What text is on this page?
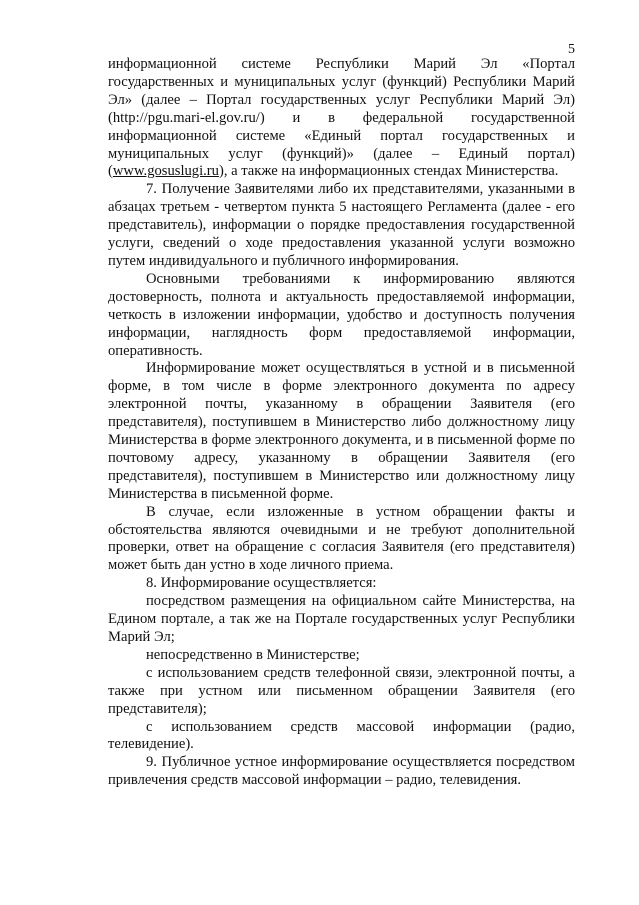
5

информационной системе Республики Марий Эл «Портал государственных и муниципальных услуг (функций) Республики Марий Эл» (далее – Портал государственных услуг Республики Марий Эл) (http://pgu.mari-el.gov.ru/) и в федеральной государственной информационной системе «Единый портал государственных и муниципальных услуг (функций)» (далее – Единый портал) (www.gosuslugi.ru), а также на информационных стендах Министерства.

7. Получение Заявителями либо их представителями, указанными в абзацах третьем - четвертом пункта 5 настоящего Регламента (далее - его представитель), информации о порядке предоставления государственной услуги, сведений о ходе предоставления указанной услуги возможно путем индивидуального и публичного информирования.

Основными требованиями к информированию являются достоверность, полнота и актуальность предоставляемой информации, четкость в изложении информации, удобство и доступность получения информации, наглядность форм предоставляемой информации, оперативность.

Информирование может осуществляться в устной и в письменной форме, в том числе в форме электронного документа по адресу электронной почты, указанному в обращении Заявителя (его представителя), поступившем в Министерство либо должностному лицу Министерства в форме электронного документа, и в письменной форме по почтовому адресу, указанному в обращении Заявителя (его представителя), поступившем в Министерство или должностному лицу Министерства в письменной форме.

В случае, если изложенные в устном обращении факты и обстоятельства являются очевидными и не требуют дополнительной проверки, ответ на обращение с согласия Заявителя (его представителя) может быть дан устно в ходе личного приема.

8. Информирование осуществляется:

посредством размещения на официальном сайте Министерства, на Едином портале, а так же на Портале государственных услуг Республики Марий Эл;

непосредственно в Министерстве;

с использованием средств телефонной связи, электронной почты, а также при устном или письменном обращении Заявителя (его представителя);

с использованием средств массовой информации (радио, телевидение).

9. Публичное устное информирование осуществляется посредством привлечения средств массовой информации – радио, телевидения.
